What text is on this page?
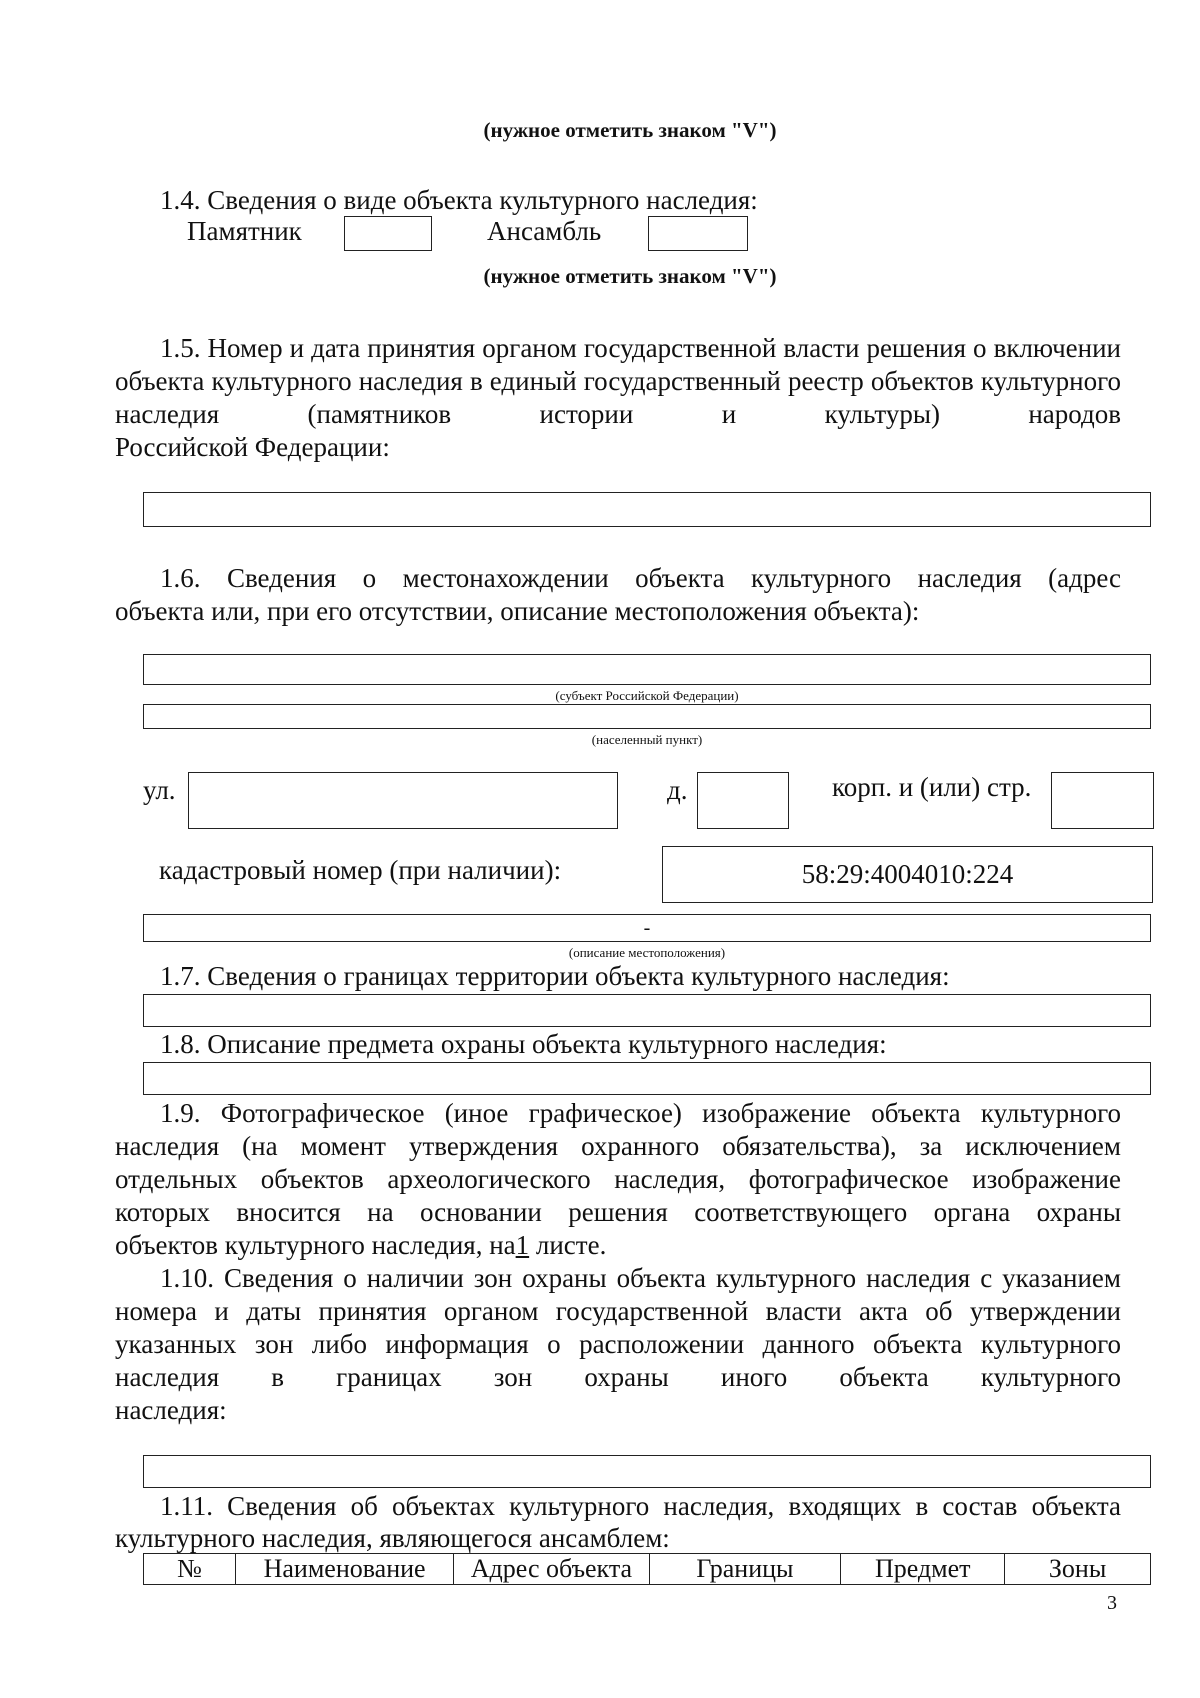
(нужное отметить знаком "V")
1.4. Сведения о виде объекта культурного наследия:
Памятник	Ансамбль
(нужное отметить знаком "V")
1.5. Номер и дата принятия органом государственной власти решения о включении объекта культурного наследия в единый государственный реестр объектов культурного наследия (памятников истории и культуры) народов
Российской Федерации:
1.6. Сведения о местонахождении объекта культурного наследия (адрес
объекта или, при его отсутствии, описание местоположения объекта):
(субъект Российской Федерации)
(населенный пункт)
ул.	д.	корп. и (или) стр.
кадастровый номер (при наличии):	58:29:4004010:224
-
(описание местоположения)
1.7. Сведения о границах территории объекта культурного наследия:
1.8. Описание предмета охраны объекта культурного наследия:
1.9. Фотографическое (иное графическое) изображение объекта культурного наследия (на момент утверждения охранного обязательства), за исключением отдельных объектов археологического наследия, фотографическое изображение которых вносится на основании решения соответствующего органа охраны
объектов культурного наследия, на1 листе.
1.10. Сведения о наличии зон охраны объекта культурного наследия с указанием номера и даты принятия органом государственной власти акта об утверждении указанных зон либо информация о расположении данного объекта культурного наследия в границах зон охраны иного объекта культурного
наследия:
1.11. Сведения об объектах культурного наследия, входящих в состав объекта
культурного наследия, являющегося ансамблем:
№	Наименование	Адрес объекта	Границы	Предмет	Зоны
3
